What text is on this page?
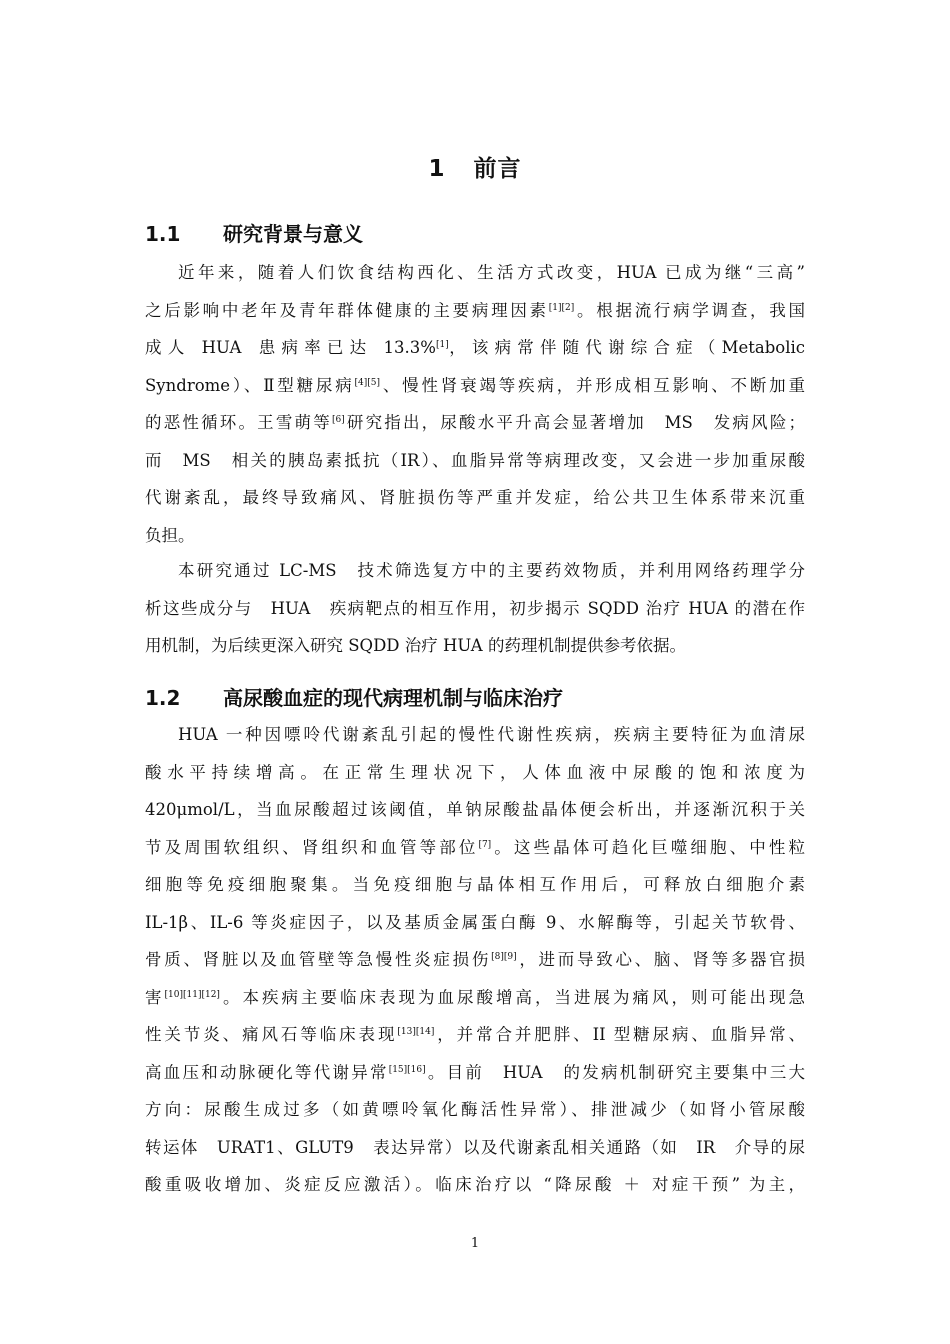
1 前言
1.1 研究背景与意义
近年来，随着人们饮食结构西化、生活方式改变，HUA 已成为继“三高”
之后影响中老年及青年群体健康的主要病理因素[1][2]。根据流行病学调查，我国
成 人　HUA　患 病 率 已 达　13.3%[1]， 该 病 常 伴 随 代 谢 综 合 症 （ Metabolic
Syndrome）、Ⅱ型糖尿病[4][5]、慢性肾衰竭等疾病，并形成相互影响、不断加重
的恶性循环。王雪萌等[6]研究指出，尿酸水平升高会显著增加　MS　发病风险；
而　MS　相关的胰岛素抵抗（IR）、血脂异常等病理改变，又会进一步加重尿酸
代谢紊乱，最终导致痛风、肾脏损伤等严重并发症，给公共卫生体系带来沉重
负担。
本研究通过 LC-MS　技术筛选复方中的主要药效物质，并利用网络药理学分
析这些成分与　HUA　疾病靶点的相互作用，初步揭示 SQDD 治疗 HUA 的潜在作
用机制，为后续更深入研究 SQDD 治疗 HUA 的药理机制提供参考依据。
1.2 高尿酸血症的现代病理机制与临床治疗
HUA 一种因嘌呤代谢紊乱引起的慢性代谢性疾病，疾病主要特征为血清尿
酸 水 平 持 续 增 高 。 在 正 常 生 理 状 况 下 ， 人 体 血 液 中 尿 酸 的 饱 和 浓 度 为
420μmol/L，当血尿酸超过该阈值，单钠尿酸盐晶体便会析出，并逐渐沉积于关
节及周围软组织、肾组织和血管等部位[7]。这些晶体可趋化巨噬细胞、中性粒
细胞等免疫细胞聚集。当免疫细胞与晶体相互作用后，可释放白细胞介素
IL-1β、IL-6 等炎症因子，以及基质金属蛋白酶 9、水解酶等，引起关节软骨、
骨质、肾脏以及血管壁等急慢性炎症损伤[8][9]，进而导致心、脑、肾等多器官损
害[10][11][12]。本疾病主要临床表现为血尿酸增高，当进展为痛风，则可能出现急
性关节炎、痛风石等临床表现[13][14]，并常合并肥胖、II 型糖尿病、血脂异常、
高血压和动脉硬化等代谢异常[15][16]。目前　HUA　的发病机制研究主要集中三大
方向：尿酸生成过多（如黄嘌呤氧化酶活性异常）、排泄减少（如肾小管尿酸
转运体　URAT1、GLUT9　表达异常）以及代谢紊乱相关通路（如　IR　介导的尿
酸重吸收增加、炎症反应激活）。临床治疗以 “降尿酸 ＋ 对症干预” 为主，
1
